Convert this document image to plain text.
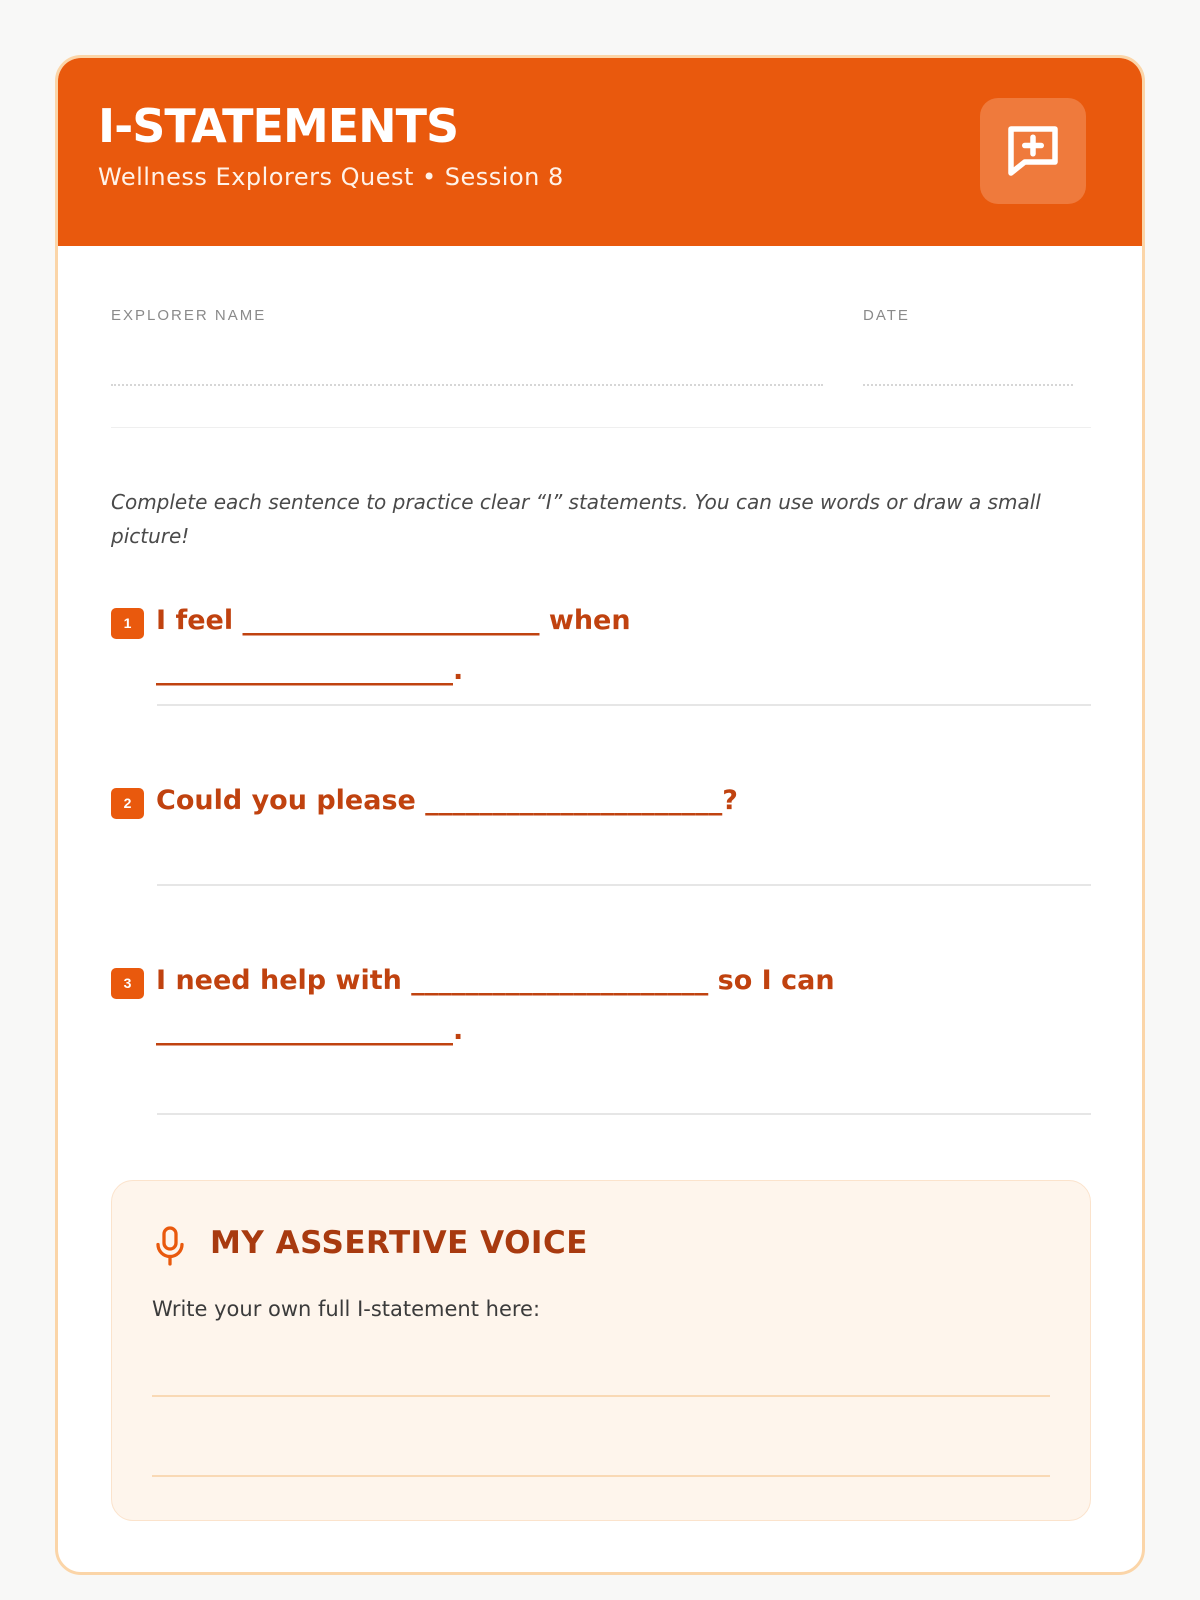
I-STATEMENTS
Wellness Explorers Quest • Session 8
EXPLORER NAME	DATE
Complete each sentence to practice clear “I” statements. You can use words or draw a small picture!
1 I feel ______________________ when ______________________.
2 Could you please ______________________?
3 I need help with ______________________ so I can ______________________.
MY ASSERTIVE VOICE
Write your own full I-statement here:
